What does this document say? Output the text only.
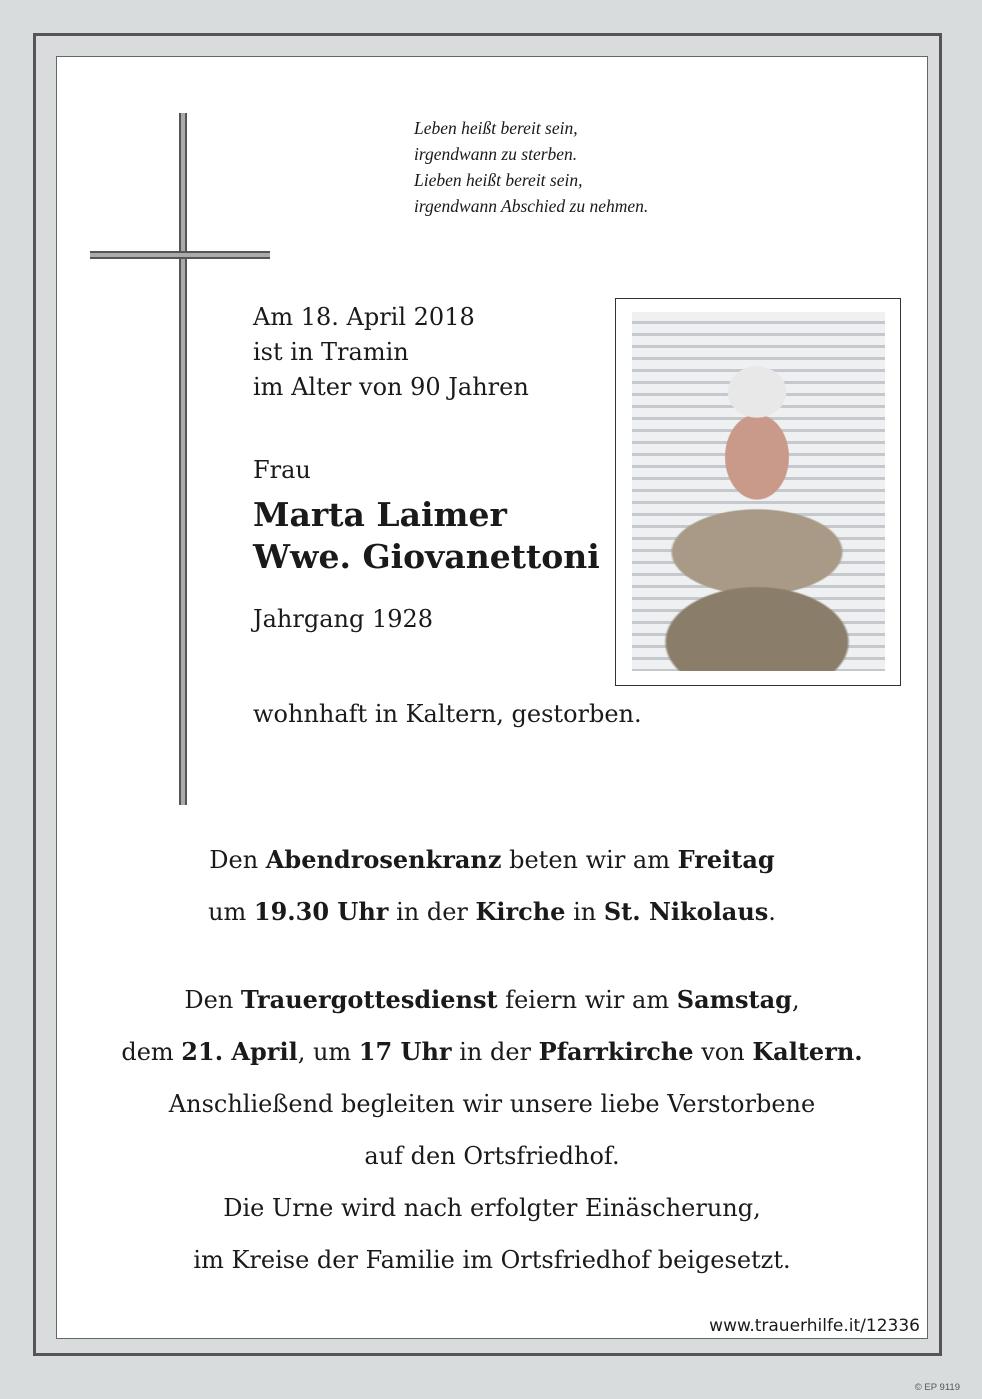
Leben heißt bereit sein,
irgendwann zu sterben.
Lieben heißt bereit sein,
irgendwann Abschied zu nehmen.
Am 18. April 2018
ist in Tramin
im Alter von 90 Jahren
Frau
Marta Laimer
Wwe. Giovanettoni
Jahrgang 1928
wohnhaft in Kaltern, gestorben.
Den Abendrosenkranz beten wir am Freitag
um 19.30 Uhr in der Kirche in St. Nikolaus.
Den Trauergottesdienst feiern wir am Samstag,
dem 21. April, um 17 Uhr in der Pfarrkirche von Kaltern.
Anschließend begleiten wir unsere liebe Verstorbene
auf den Ortsfriedhof.
Die Urne wird nach erfolgter Einäscherung,
im Kreise der Familie im Ortsfriedhof beigesetzt.
www.trauerhilfe.it/12336
© EP 9119
